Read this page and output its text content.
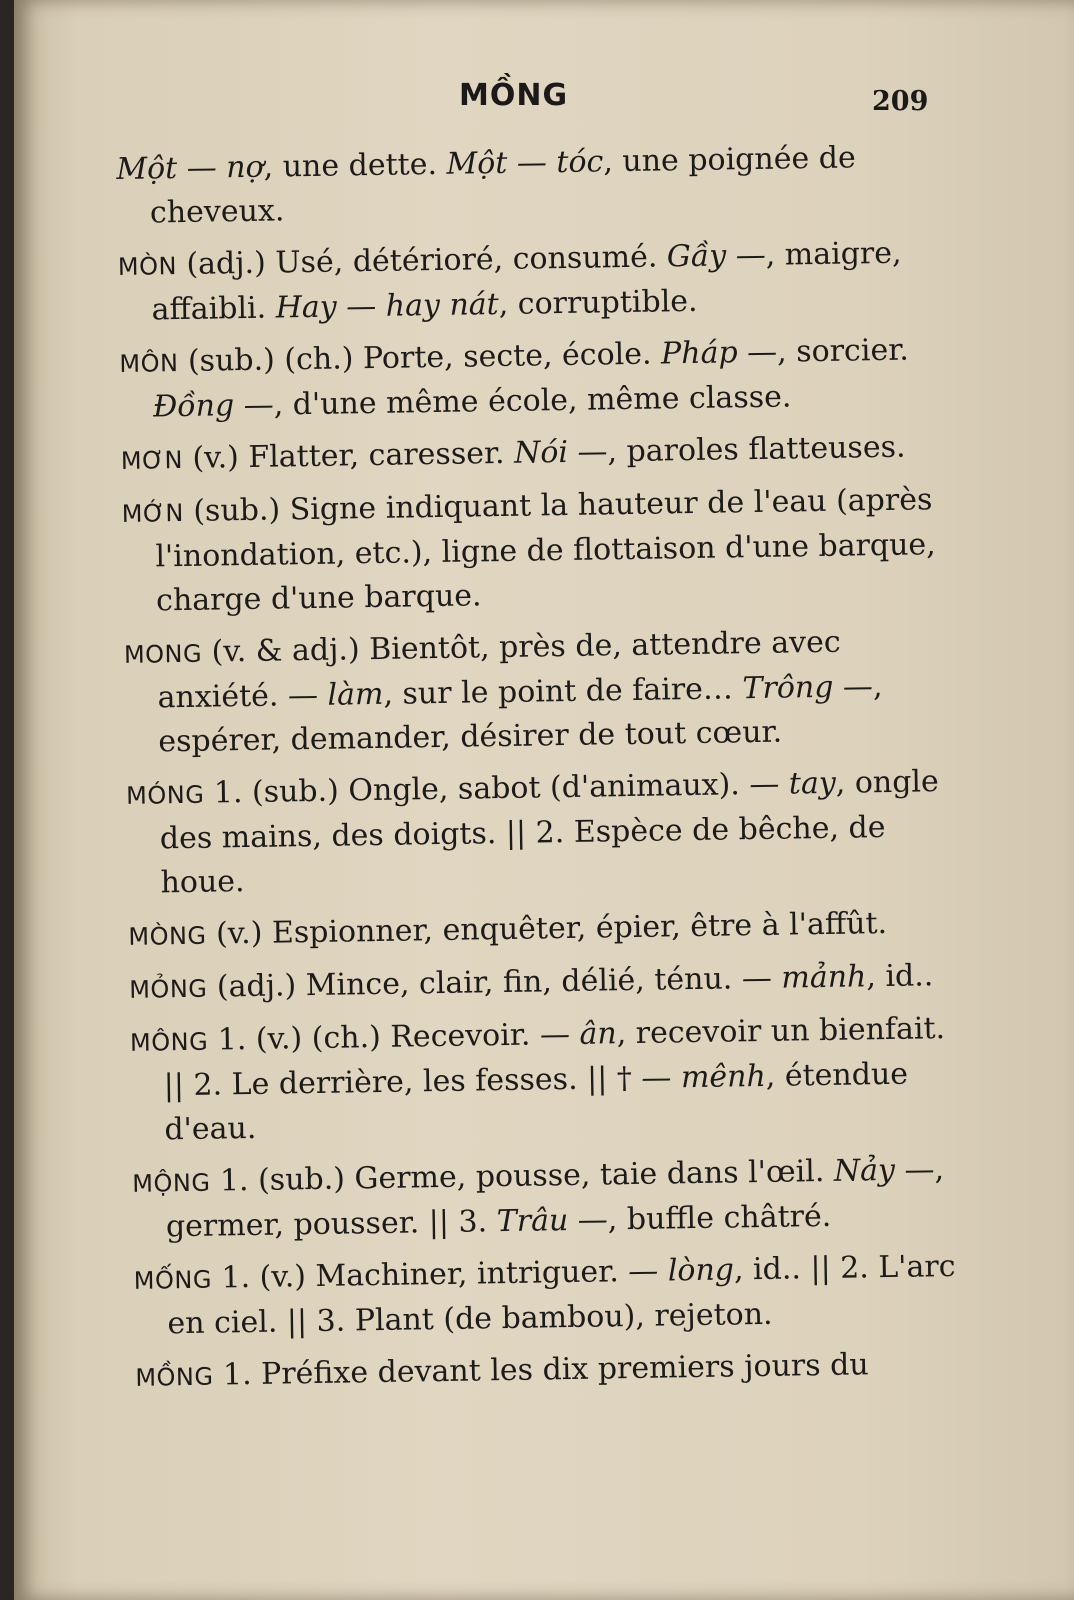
MỒNG	209

Một — nợ, une dette. Một — tóc, une poignée de cheveux.

MÒN (adj.) Usé, détérioré, consumé. Gầy —, maigre, affaibli. Hay — hay nát, corruptible.

MÔN (sub.) (ch.) Porte, secte, école. Pháp —, sorcier. Đồng —, d'une même école, même classe.

MƠN (v.) Flatter, caresser. Nói —, paroles flatteuses.

MỚN (sub.) Signe indiquant la hauteur de l'eau (après l'inondation, etc.), ligne de flottaison d'une barque, charge d'une barque.

MONG (v. & adj.) Bientôt, près de, attendre avec anxiété. — làm, sur le point de faire… Trông —, espérer, demander, désirer de tout cœur.

MÓNG 1. (sub.) Ongle, sabot (d'animaux). — tay, ongle des mains, des doigts. || 2. Espèce de bêche, de houe.

MÒNG (v.) Espionner, enquêter, épier, être à l'affût.

MỎNG (adj.) Mince, clair, fin, délié, ténu. — mảnh, id..

MÔNG 1. (v.) (ch.) Recevoir. — ân, recevoir un bienfait. || 2. Le derrière, les fesses. || † — mênh, étendue d'eau.

MỘNG 1. (sub.) Germe, pousse, taie dans l'œil. Nảy —, germer, pousser. || 3. Trâu —, buffle châtré.

MỐNG 1. (v.) Machiner, intriguer. — lòng, id.. || 2. L'arc en ciel. || 3. Plant (de bambou), rejeton.

MỒNG 1. Préfixe devant les dix premiers jours du
